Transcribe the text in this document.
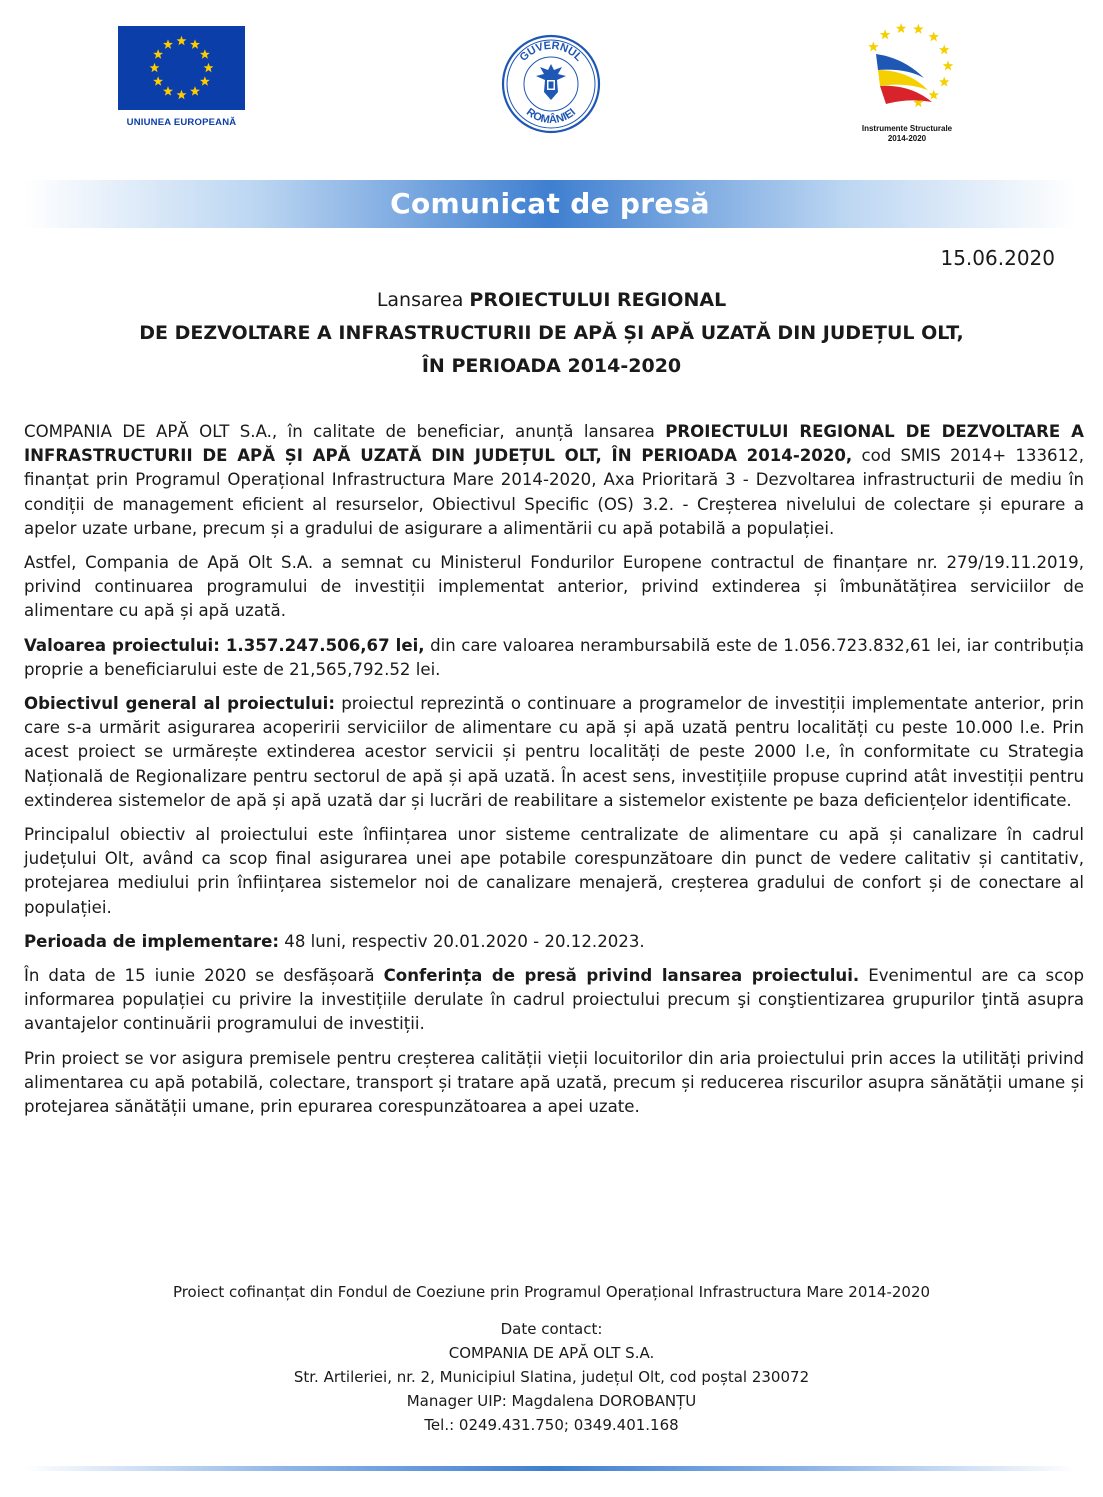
UNIUNEA EUROPEANĂ
GUVERNUL
ROMÂNIEI
Instrumente Structurale
2014-2020
Comunicat de presă
15.06.2020
Lansarea PROIECTULUI REGIONAL
DE DEZVOLTARE A INFRASTRUCTURII DE APĂ ȘI APĂ UZATĂ DIN JUDEȚUL OLT,
ÎN PERIOADA 2014-2020

COMPANIA DE APĂ OLT S.A., în calitate de beneficiar, anunță lansarea PROIECTULUI REGIONAL DE DEZVOLTARE A INFRASTRUCTURII DE APĂ ȘI APĂ UZATĂ DIN JUDEȚUL OLT, ÎN PERIOADA 2014-2020, cod SMIS 2014+ 133612, finanțat prin Programul Operațional Infrastructura Mare 2014-2020, Axa Prioritară 3 - Dezvoltarea infrastructurii de mediu în condiții de management eficient al resurselor, Obiectivul Specific (OS) 3.2. - Creșterea nivelului de colectare și epurare a apelor uzate urbane, precum și a gradului de asigurare a alimentării cu apă potabilă a populației.

Astfel, Compania de Apă Olt S.A. a semnat cu Ministerul Fondurilor Europene contractul de finanțare nr. 279/19.11.2019, privind continuarea programului de investiții implementat anterior, privind extinderea și îmbunătățirea serviciilor de alimentare cu apă și apă uzată.

Valoarea proiectului: 1.357.247.506,67 lei, din care valoarea nerambursabilă este de 1.056.723.832,61 lei, iar contribuția proprie a beneficiarului este de 21,565,792.52 lei.

Obiectivul general al proiectului: proiectul reprezintă o continuare a programelor de investiții implementate anterior, prin care s-a urmărit asigurarea acoperirii serviciilor de alimentare cu apă și apă uzată pentru localități cu peste 10.000 l.e. Prin acest proiect se urmărește extinderea acestor servicii și pentru localități de peste 2000 l.e, în conformitate cu Strategia Națională de Regionalizare pentru sectorul de apă și apă uzată. În acest sens, investițiile propuse cuprind atât investiții pentru extinderea sistemelor de apă și apă uzată dar și lucrări de reabilitare a sistemelor existente pe baza deficiențelor identificate.

Principalul obiectiv al proiectului este înființarea unor sisteme centralizate de alimentare cu apă și canalizare în cadrul județului Olt, având ca scop final asigurarea unei ape potabile corespunzătoare din punct de vedere calitativ și cantitativ, protejarea mediului prin înființarea sistemelor noi de canalizare menajeră, creșterea gradului de confort și de conectare al populației.

Perioada de implementare: 48 luni, respectiv 20.01.2020 - 20.12.2023.

În data de 15 iunie 2020 se desfășoară Conferința de presă privind lansarea proiectului. Evenimentul are ca scop informarea populației cu privire la investițiile derulate în cadrul proiectului precum şi conştientizarea grupurilor ţintă asupra avantajelor continuării programului de investiții.

Prin proiect se vor asigura premisele pentru creșterea calității vieții locuitorilor din aria proiectului prin acces la utilități privind alimentarea cu apă potabilă, colectare, transport și tratare apă uzată, precum și reducerea riscurilor asupra sănătății umane și protejarea sănătății umane, prin epurarea corespunzătoarea a apei uzate.

Proiect cofinanțat din Fondul de Coeziune prin Programul Operațional Infrastructura Mare 2014-2020
Date contact:
COMPANIA DE APĂ OLT S.A.
Str. Artileriei, nr. 2, Municipiul Slatina, județul Olt, cod poștal 230072
Manager UIP: Magdalena DOROBANȚU
Tel.: 0249.431.750; 0349.401.168
